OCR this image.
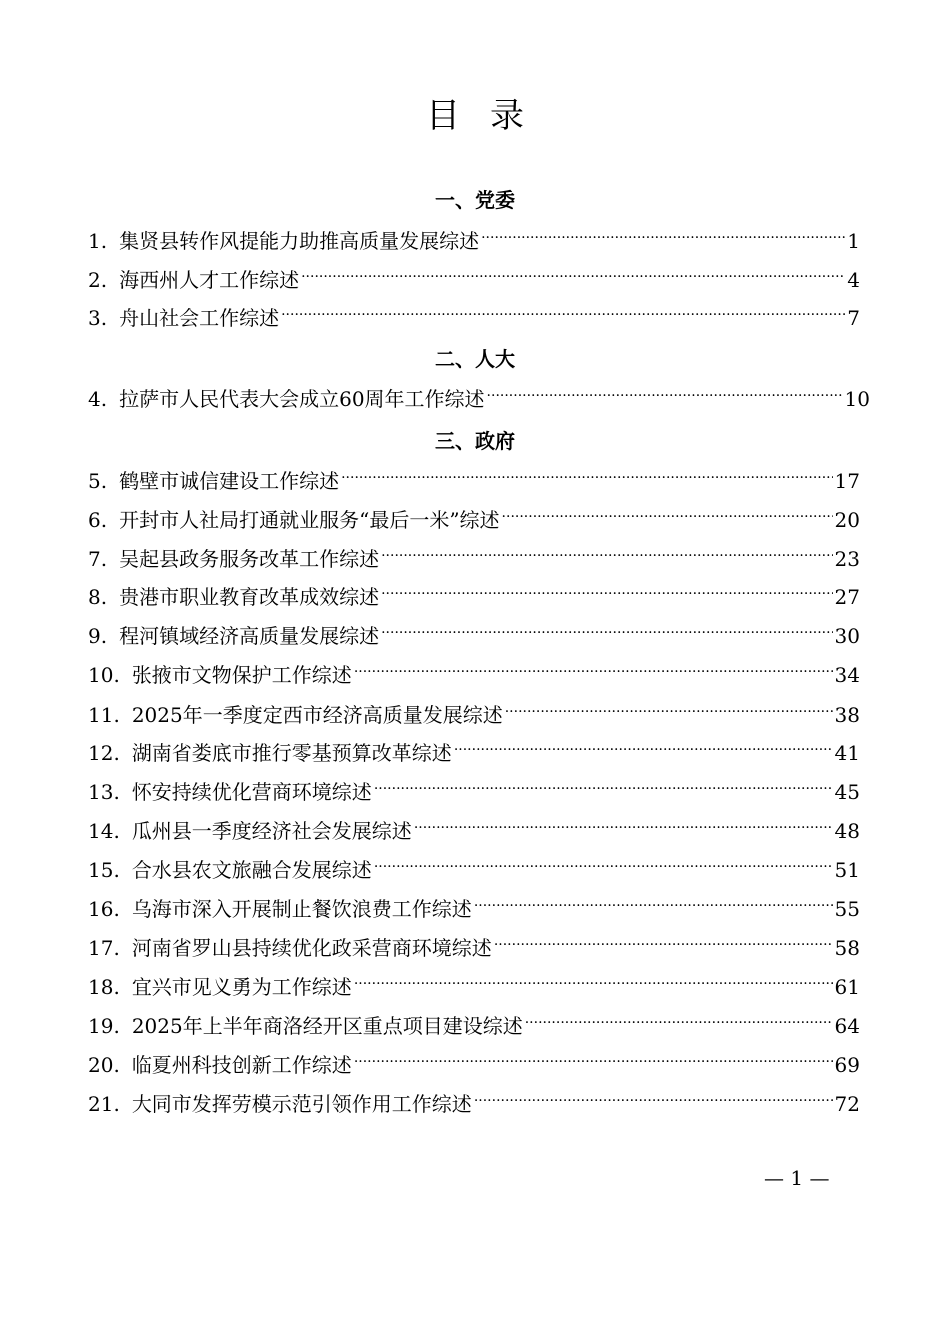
目录
一、党委
1. 集贤县转作风提能力助推高质量发展综述 ·····	1
2. 海西州人才工作综述 ·····	4
3. 舟山社会工作综述 ·····	7
二、人大
4. 拉萨市人民代表大会成立60周年工作综述 ·····	10
三、政府
5. 鹤壁市诚信建设工作综述 ·····	17
6. 开封市人社局打通就业服务“最后一米”综述 ·····	20
7. 吴起县政务服务改革工作综述 ·····	23
8. 贵港市职业教育改革成效综述 ·····	27
9. 程河镇域经济高质量发展综述 ·····	30
10. 张掖市文物保护工作综述 ·····	34
11. 2025年一季度定西市经济高质量发展综述 ·····	38
12. 湖南省娄底市推行零基预算改革综述 ·····	41
13. 怀安持续优化营商环境综述 ·····	45
14. 瓜州县一季度经济社会发展综述 ·····	48
15. 合水县农文旅融合发展综述 ·····	51
16. 乌海市深入开展制止餐饮浪费工作综述 ·····	55
17. 河南省罗山县持续优化政采营商环境综述 ·····	58
18. 宜兴市见义勇为工作综述 ·····	61
19. 2025年上半年商洛经开区重点项目建设综述 ·····	64
20. 临夏州科技创新工作综述 ·····	69
21. 大同市发挥劳模示范引领作用工作综述 ·····	72
— 1 —
